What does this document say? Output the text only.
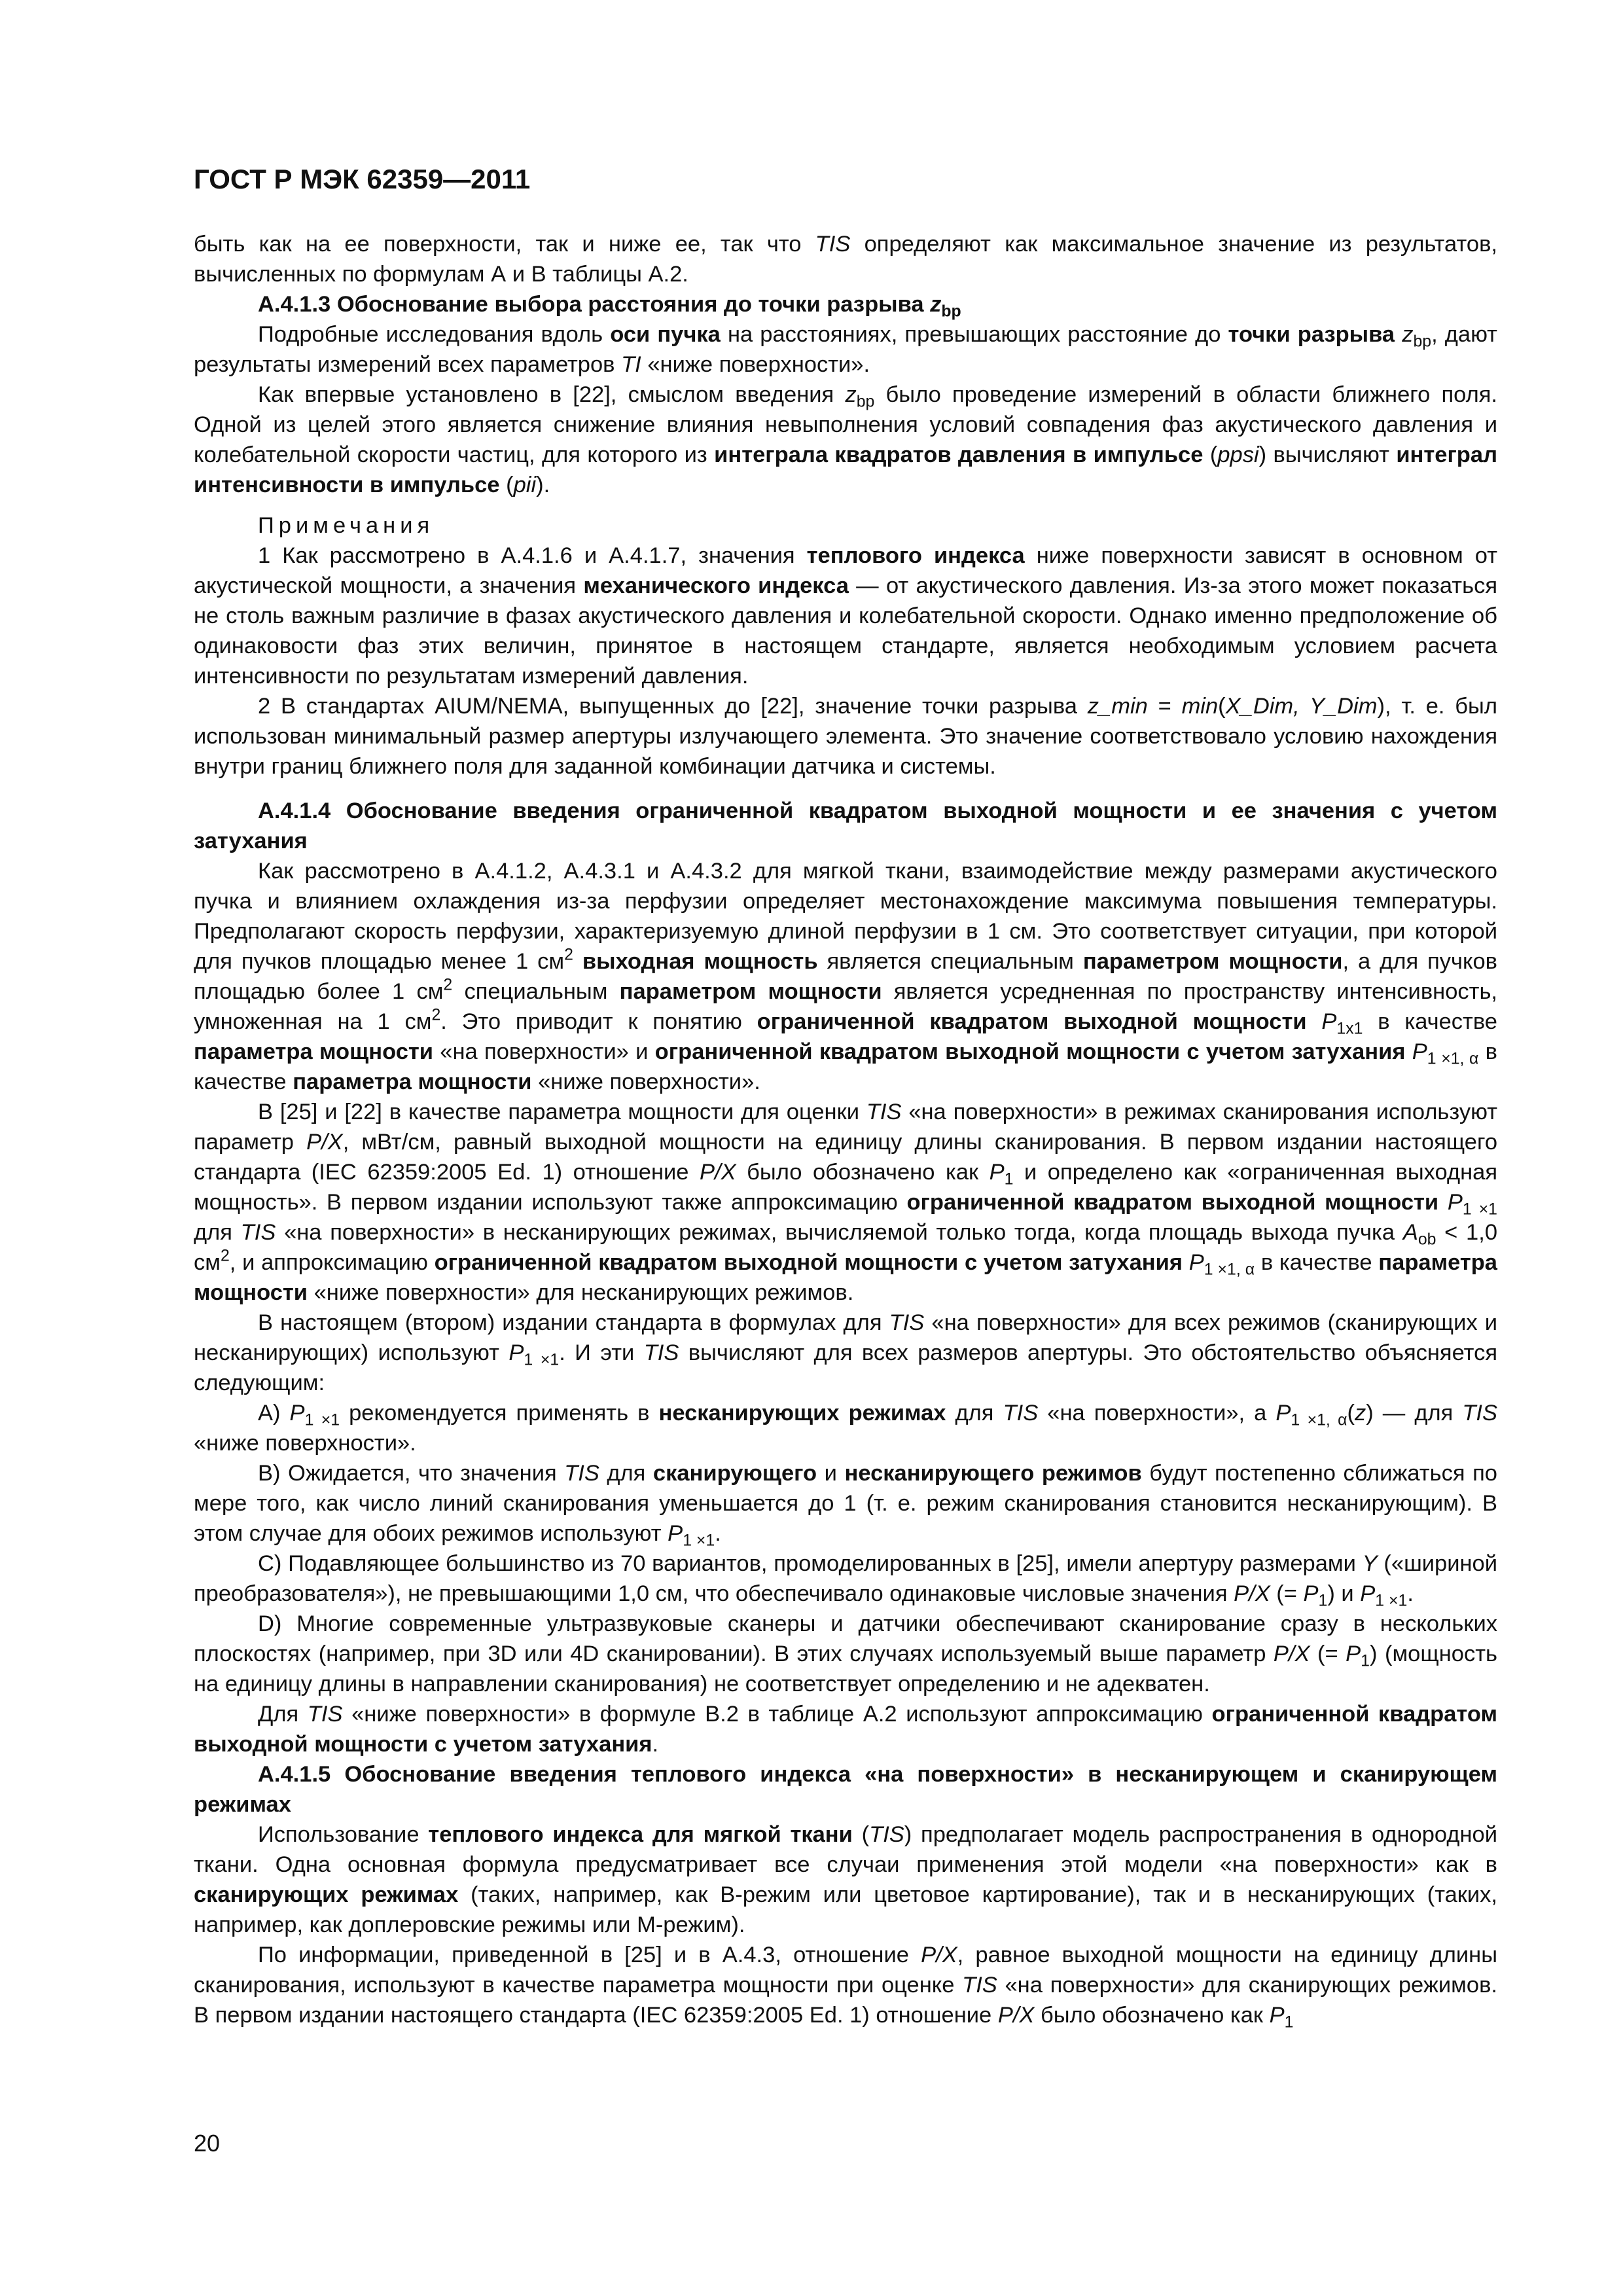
ГОСТ Р МЭК 62359—2011

быть как на ее поверхности, так и ниже ее, так что TIS определяют как максимальное значение из результатов, вычисленных по формулам А и В таблицы А.2.

А.4.1.3 Обоснование выбора расстояния до точки разрыва $z_{bp}$

Подробные исследования вдоль оси пучка на расстояниях, превышающих расстояние до точки разрыва $z_{bp}$, дают результаты измерений всех параметров TI «ниже поверхности».

Как впервые установлено в [22], смыслом введения $z_{bp}$ было проведение измерений в области ближнего поля. Одной из целей этого является снижение влияния невыполнения условий совпадения фаз акустического давления и колебательной скорости частиц, для которого из интеграла квадратов давления в импульсе (ppsi) вычисляют интеграл интенсивности в импульсе (pii).

Примечания

1 Как рассмотрено в А.4.1.6 и А.4.1.7, значения теплового индекса ниже поверхности зависят в основном от акустической мощности, а значения механического индекса — от акустического давления. Из-за этого может показаться не столь важным различие в фазах акустического давления и колебательной скорости. Однако именно предположение об одинаковости фаз этих величин, принятое в настоящем стандарте, является необходимым условием расчета интенсивности по результатам измерений давления.

2 В стандартах AIUM/NEMA, выпущенных до [22], значение точки разрыва z_min = min(X_Dim, Y_Dim), т. е. был использован минимальный размер апертуры излучающего элемента. Это значение соответствовало условию нахождения внутри границ ближнего поля для заданной комбинации датчика и системы.

А.4.1.4 Обоснование введения ограниченной квадратом выходной мощности и ее значения с учетом затухания

Как рассмотрено в А.4.1.2, А.4.3.1 и А.4.3.2 для мягкой ткани, взаимодействие между размерами акустического пучка и влиянием охлаждения из-за перфузии определяет местонахождение максимума повышения температуры. Предполагают скорость перфузии, характеризуемую длиной перфузии в 1 см. Это соответствует ситуации, при которой для пучков площадью менее 1 $см^2$ выходная мощность является специальным параметром мощности, а для пучков площадью более 1 $см^2$ специальным параметром мощности является усредненная по пространству интенсивность, умноженная на 1 $см^2$. Это приводит к понятию ограниченной квадратом выходной мощности $P_{1x1}$ в качестве параметра мощности «на поверхности» и ограниченной квадратом выходной мощности с учетом затухания $P_{1 \times 1, \alpha}$ в качестве параметра мощности «ниже поверхности».

В [25] и [22] в качестве параметра мощности для оценки TIS «на поверхности» в режимах сканирования используют параметр P/X, мВт/см, равный выходной мощности на единицу длины сканирования. В первом издании настоящего стандарта (IEC 62359:2005 Ed. 1) отношение P/X было обозначено как $P_1$ и определено как «ограниченная выходная мощность». В первом издании используют также аппроксимацию ограниченной квадратом выходной мощности $P_{1 \times 1}$ для TIS «на поверхности» в несканирующих режимах, вычисляемой только тогда, когда площадь выхода пучка $A_{ob} < 1,0$ $см^2$, и аппроксимацию ограниченной квадратом выходной мощности с учетом затухания $P_{1 \times 1, \alpha}$ в качестве параметра мощности «ниже поверхности» для несканирующих режимов.

В настоящем (втором) издании стандарта в формулах для TIS «на поверхности» для всех режимов (сканирующих и несканирующих) используют $P_{1 \times 1}$. И эти TIS вычисляют для всех размеров апертуры. Это обстоятельство объясняется следующим:

A) $P_{1 \times 1}$ рекомендуется применять в несканирующих режимах для TIS «на поверхности», а $P_{1 \times 1, \alpha}(z)$ — для TIS «ниже поверхности».

B) Ожидается, что значения TIS для сканирующего и несканирующего режимов будут постепенно сближаться по мере того, как число линий сканирования уменьшается до 1 (т. е. режим сканирования становится несканирующим). В этом случае для обоих режимов используют $P_{1 \times 1}$.

C) Подавляющее большинство из 70 вариантов, промоделированных в [25], имели апертуру размерами Y («шириной преобразователя»), не превышающими 1,0 см, что обеспечивало одинаковые числовые значения P/X (= $P_1$) и $P_{1 \times 1}$.

D) Многие современные ультразвуковые сканеры и датчики обеспечивают сканирование сразу в нескольких плоскостях (например, при 3D или 4D сканировании). В этих случаях используемый выше параметр P/X (= $P_1$) (мощность на единицу длины в направлении сканирования) не соответствует определению и не адекватен.

Для TIS «ниже поверхности» в формуле В.2 в таблице А.2 используют аппроксимацию ограниченной квадратом выходной мощности с учетом затухания.

А.4.1.5 Обоснование введения теплового индекса «на поверхности» в несканирующем и сканирующем режимах

Использование теплового индекса для мягкой ткани (TIS) предполагает модель распространения в однородной ткани. Одна основная формула предусматривает все случаи применения этой модели «на поверхности» как в сканирующих режимах (таких, например, как В-режим или цветовое картирование), так и в несканирующих (таких, например, как доплеровские режимы или М-режим).

По информации, приведенной в [25] и в А.4.3, отношение P/X, равное выходной мощности на единицу длины сканирования, используют в качестве параметра мощности при оценке TIS «на поверхности» для сканирующих режимов. В первом издании настоящего стандарта (IEC 62359:2005 Ed. 1) отношение P/X было обозначено как $P_1$

20
